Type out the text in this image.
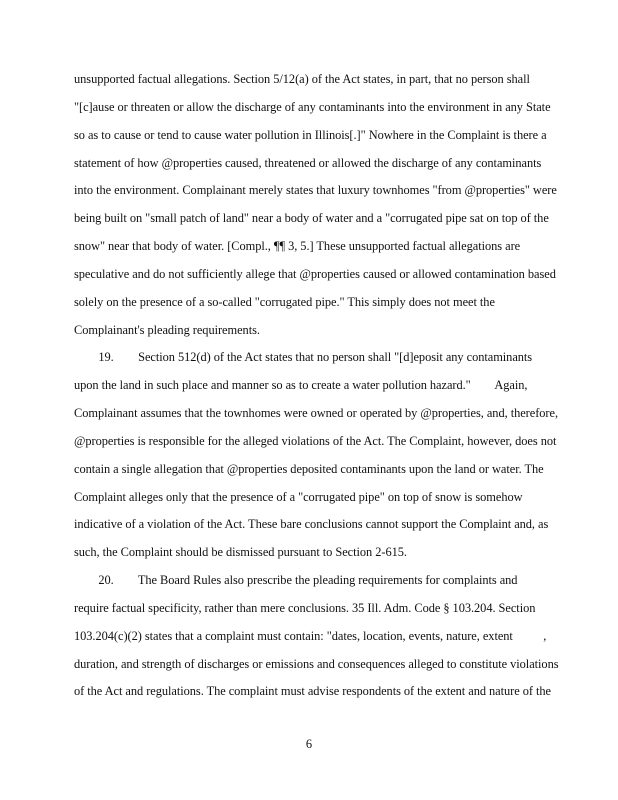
unsupported factual allegations. Section 5/12(a) of the Act states, in part, that no person shall
"[c]ause or threaten or allow the discharge of any contaminants into the environment in any State
so as to cause or tend to cause water pollution in Illinois[.]" Nowhere in the Complaint is there a
statement of how @properties caused, threatened or allowed the discharge of any contaminants
into the environment. Complainant merely states that luxury townhomes "from @properties" were
being built on "small patch of land" near a body of water and a "corrugated pipe sat on top of the
snow" near that body of water. [Compl., ¶¶ 3, 5.] These unsupported factual allegations are
speculative and do not sufficiently allege that @properties caused or allowed contamination based
solely on the presence of a so-called "corrugated pipe." This simply does not meet the
Complainant's pleading requirements.
19.        Section 512(d) of the Act states that no person shall "[d]eposit any contaminants
upon the land in such place and manner so as to create a water pollution hazard."        Again,
Complainant assumes that the townhomes were owned or operated by @properties, and, therefore,
@properties is responsible for the alleged violations of the Act. The Complaint, however, does not
contain a single allegation that @properties deposited contaminants upon the land or water. The
Complaint alleges only that the presence of a "corrugated pipe" on top of snow is somehow
indicative of a violation of the Act. These bare conclusions cannot support the Complaint and, as
such, the Complaint should be dismissed pursuant to Section 2-615.
20.        The Board Rules also prescribe the pleading requirements for complaints and
require factual specificity, rather than mere conclusions. 35 Ill. Adm. Code § 103.204. Section
103.204(c)(2) states that a complaint must contain: "dates, location, events, nature, extent          ,
duration, and strength of discharges or emissions and consequences alleged to constitute violations
of the Act and regulations. The complaint must advise respondents of the extent and nature of the
6
